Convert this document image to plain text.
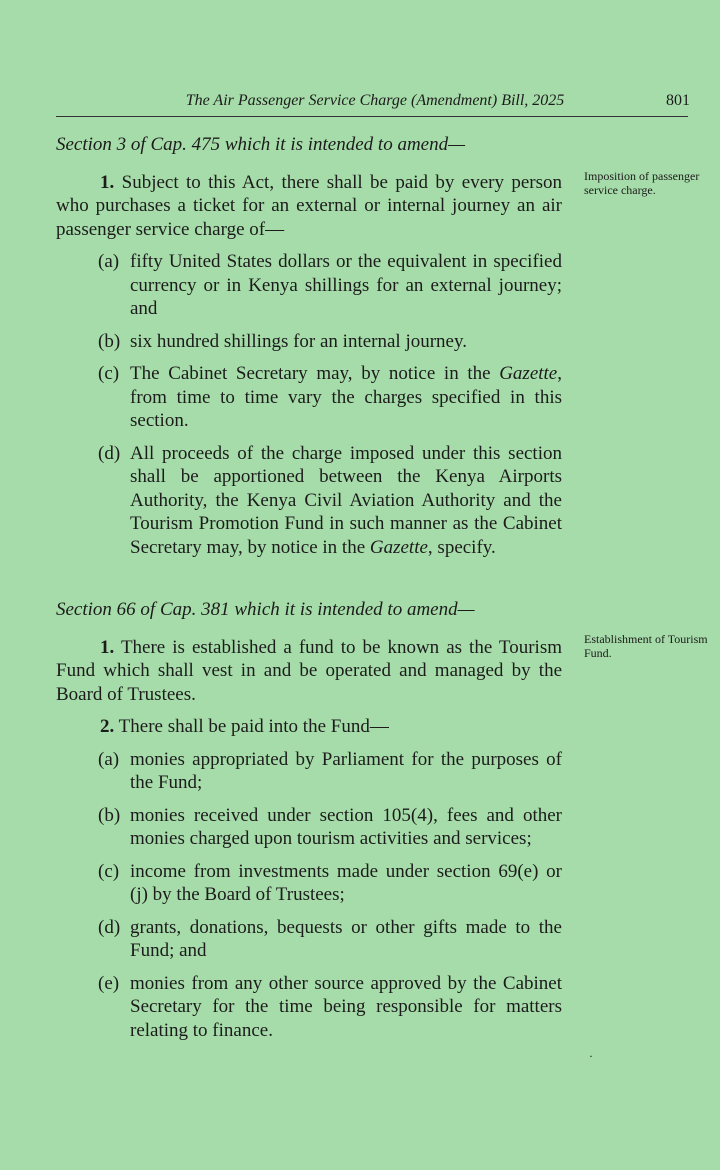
The Air Passenger Service Charge (Amendment) Bill, 2025	801
Imposition of passenger service charge.
Establishment of Tourism Fund.
Section 3 of Cap. 475 which it is intended to amend—
1. Subject to this Act, there shall be paid by every person who purchases a ticket for an external or internal journey an air passenger service charge of—
(a) fifty United States dollars or the equivalent in specified currency or in Kenya shillings for an external journey; and
(b) six hundred shillings for an internal journey.
(c) The Cabinet Secretary may, by notice in the Gazette, from time to time vary the charges specified in this section.
(d) All proceeds of the charge imposed under this section shall be apportioned between the Kenya Airports Authority, the Kenya Civil Aviation Authority and the Tourism Promotion Fund in such manner as the Cabinet Secretary may, by notice in the Gazette, specify.
Section 66 of Cap. 381 which it is intended to amend—
1. There is established a fund to be known as the Tourism Fund which shall vest in and be operated and managed by the Board of Trustees.
2. There shall be paid into the Fund—
(a) monies appropriated by Parliament for the purposes of the Fund;
(b) monies received under section 105(4), fees and other monies charged upon tourism activities and services;
(c) income from investments made under section 69(e) or (j) by the Board of Trustees;
(d) grants, donations, bequests or other gifts made to the Fund; and
(e) monies from any other source approved by the Cabinet Secretary for the time being responsible for matters relating to finance.
·
